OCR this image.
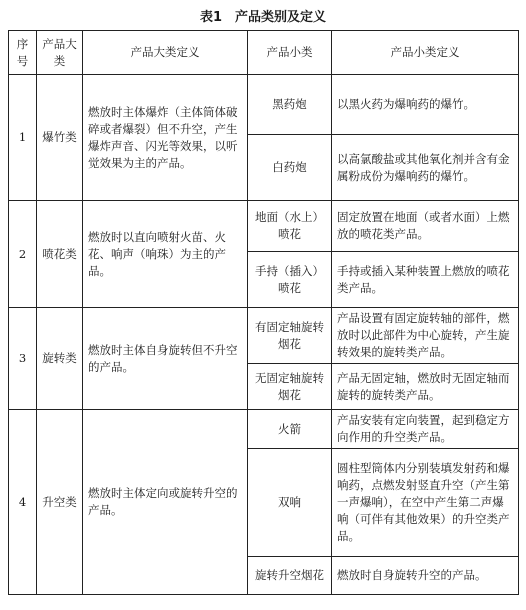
表1　产品类别及定义
序号	产品大类	产品大类定义	产品小类	产品小类定义
1	爆竹类	燃放时主体爆炸（主体筒体破碎或者爆裂）但不升空，产生爆炸声音、闪光等效果，以听觉效果为主的产品。	黑药炮	以黑火药为爆响药的爆竹。
			白药炮	以高氯酸盐或其他氧化剂并含有金属粉成份为爆响药的爆竹。
2	喷花类	燃放时以直向喷射火苗、火花、响声（响珠）为主的产品。	地面（水上）喷花	固定放置在地面（或者水面）上燃放的喷花类产品。
			手持（插入）喷花	手持或插入某种装置上燃放的喷花类产品。
3	旋转类	燃放时主体自身旋转但不升空的产品。	有固定轴旋转烟花	产品设置有固定旋转轴的部件，燃放时以此部件为中心旋转，产生旋转效果的旋转类产品。
			无固定轴旋转烟花	产品无固定轴，燃放时无固定轴而旋转的旋转类产品。
4	升空类	燃放时主体定向或旋转升空的产品。	火箭	产品安装有定向装置，起到稳定方向作用的升空类产品。
			双响	圆柱型筒体内分别装填发射药和爆响药，点燃发射竖直升空（产生第一声爆响），在空中产生第二声爆响（可伴有其他效果）的升空类产品。
			旋转升空烟花	燃放时自身旋转升空的产品。
